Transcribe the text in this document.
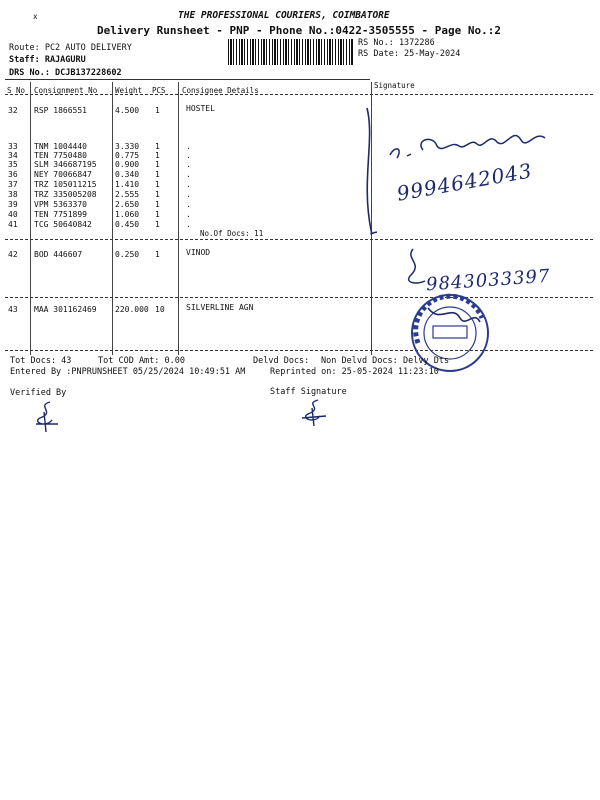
x	THE PROFESSIONAL COURIERS, COIMBATORE
Delivery Runsheet - PNP - Phone No.:0422-3505555 - Page No.:2
RS No.: 1372286
RS Date: 25-May-2024
Route: PC2 AUTO DELIVERY
Staff: RAJAGURU
DRS No.: DCJB137228602
S No Consignment No Weight PCS Consignee Details
Signature
32 RSP 1866551	4.500 1	HOSTEL
33 TNM 1004440	3.330 1	.
34 TEN 7750480	0.775 1	.
35 SLM 346687195 0.900 1	.
36 NEY 70066847	0.340 1	.
37 TRZ 105011215 1.410 1	.
38 TRZ 335005208 2.555 1	.
39 VPM 5363370	2.650 1	.
40 TEN 7751899	1.060 1	.
41 TCG 50640842	0.450 1	.
No.Of Docs: 11
42 BOD 446607	0.250 1	VINOD
43 MAA 301162469 220.000 10	SILVERLINE AGN
9994642043
9843033397
Tot Docs: 43	Tot COD Amt: 0.00	Delvd Docs: Non Delvd Docs: Delvy Dts
Entered By :PNPRUNSHEET 05/25/2024 10:49:51 AM	Reprinted on: 25-05-2024 11:23:10
Verified By	Staff Signature
